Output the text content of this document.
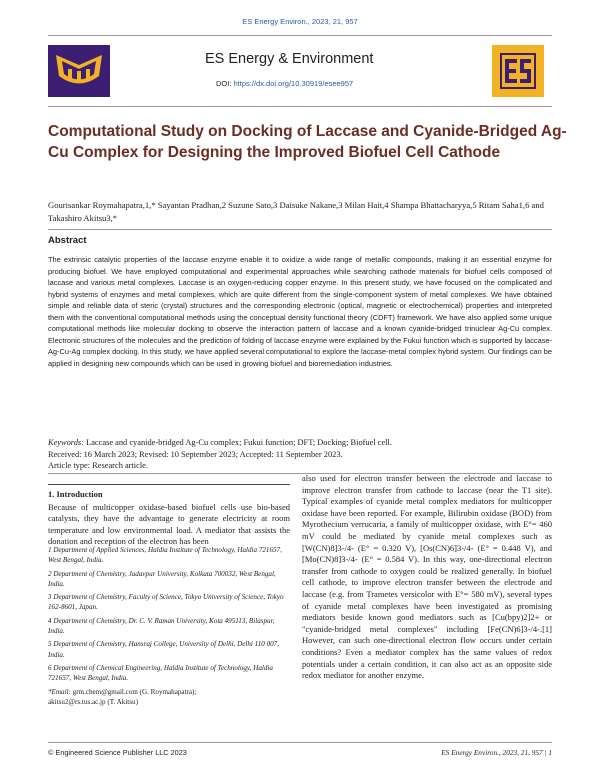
ES Energy Environ., 2023, 21, 957
ES Energy & Environment
DOI: https://dx.doi.org/10.30919/esee957
Computational Study on Docking of Laccase and Cyanide-Bridged Ag-Cu Complex for Designing the Improved Biofuel Cell Cathode
Gourisankar Roymahapatra,1,* Sayantan Pradhan,2 Suzune Sato,3 Daisuke Nakane,3 Milan Hait,4 Shampa Bhattacharyya,5 Ritam Saha1,6 and Takashiro Akitsu3,*
Abstract
The extrinsic catalytic properties of the laccase enzyme enable it to oxidize a wide range of metallic compounds, making it an essential enzyme for producing biofuel. We have employed computational and experimental approaches while searching cathode materials for biofuel cells composed of laccase and various metal complexes. Laccase is an oxygen-reducing copper enzyme. In this present study, we have focused on the complicated and hybrid systems of enzymes and metal complexes, which are quite different from the single-component system of metal complexes. We have obtained simple and reliable data of steric (crystal) structures and the corresponding electronic (optical, magnetic or electrochemical) properties and interpreted them with the conventional computational methods using the conceptual density functional theory (CDFT) framework. We have also applied some unique computational methods like molecular docking to observe the interaction pattern of laccase and a known cyanide-bridged trinuclear Ag-Cu complex. Electronic structures of the molecules and the prediction of folding of laccase enzyme were explained by the Fukui function which is supported by laccase-Ag-Cu-Ag complex docking. In this study, we have applied several computational to explore the laccase-metal complex hybrid system. Our findings can be applied in designing new compounds which can be used in growing biofuel and bioremediation industries.
Keywords: Laccase and cyanide-bridged Ag-Cu complex; Fukui function; DFT; Docking; Biofuel cell.
Received: 16 March 2023; Revised: 10 September 2023; Accepted: 11 September 2023.
Article type: Research article.
1. Introduction
Because of multicopper oxidase-based biofuel cells use bio-based catalysts, they have the advantage to generate electricity at room temperature and low environmental load. A mediator that assists the donation and reception of the electron has been

1 Department of Applied Sciences, Haldia Institute of Technology, Haldia 721657, West Bengal, India.

2 Department of Chemistry, Jadavpur University, Kolkata 700032, West Bengal, India.

3 Department of Chemistry, Faculty of Science, Tokyo University of Science, Tokyo 162-8601, Japan.

4 Department of Chemistry, Dr. C. V. Raman University, Kota 495113, Bilaspur, India.

5 Department of Chemistry, Hansraj College, University of Delhi, Delhi 110 007, India.

6 Department of Chemical Engineering, Haldia Institute of Technology, Haldia 721657, West Bengal, India.

*Email: grm.chem@gmail.com (G. Roymahapatra);
akitsu2@rs.tus.ac.jp (T. Akitsu)

also used for electron transfer between the electrode and laccase to improve electron transfer from cathode to laccase (near the T1 site). Typical examples of cyanide metal complex mediators for multicopper oxidase have been reported. For example, Bilirubin oxidase (BOD) from Myrothecium verrucaria, a family of multicopper oxidase, with E°= 460 mV could be mediated by cyanide metal complexes such as [W(CN)8]3-/4- (E° = 0.320 V), [Os(CN)6]3-/4- (E° = 0.448 V), and [Mo(CN)8]3-/4- (E° = 0.584 V). In this way, one-directional electron transfer from cathode to oxygen could be realized generally. In biofuel cell cathode, to improve electron transfer between the electrode and laccase (e.g. from Trametes versicolor with E°= 580 mV), several types of cyanide metal complexes have been investigated as promising mediators beside known good mediators such as [Cu(bpy)2]2+ or "cyanide-bridged metal complexes" including [Fe(CN)6]3-/4-.[1] However, can such one-directional electron flow occurs under certain conditions? Even a mediator complex has the same values of redox potentials under a certain condition, it can also act as an opposite side redox mediator for another enzyme.
© Engineered Science Publisher LLC 2023	ES Energy Environ., 2023, 21, 957 | 1
